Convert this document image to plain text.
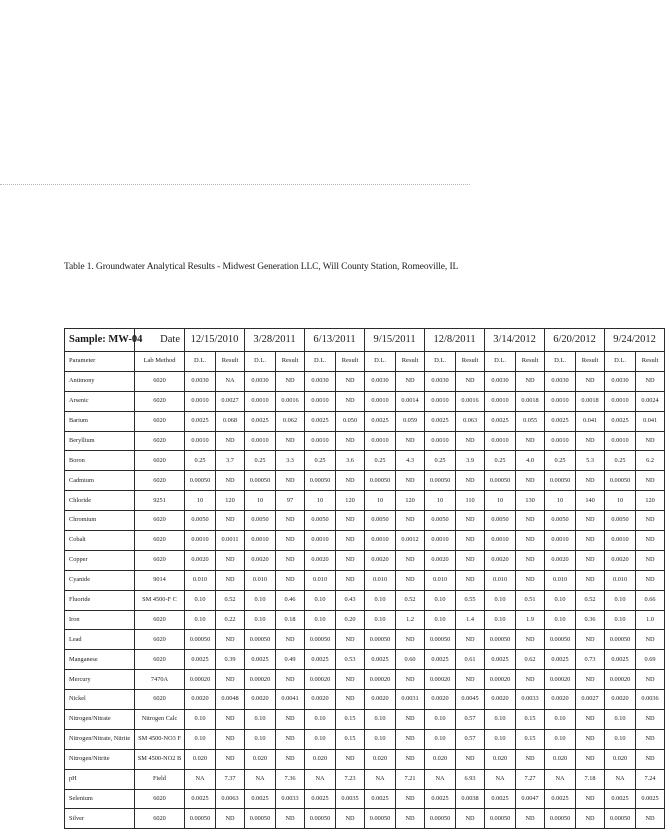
Table 1. Groundwater Analytical Results - Midwest Generation LLC, Will County Station, Romeoville, IL
Sample: MW-04	Date	12/15/2010		3/28/2011		6/13/2011		9/15/2011		12/8/2011		3/14/2012		6/20/2012		9/24/2012	
Parameter	Lab Method	D.L.	Result	D.L.	Result	D.L.	Result	D.L.	Result	D.L.	Result	D.L.	Result	D.L.	Result	D.L.	Result
Antimony	6020	0.0030	NA	0.0030	ND	0.0030	ND	0.0030	ND	0.0030	ND	0.0030	ND	0.0030	ND	0.0030	ND
Arsenic	6020	0.0010	0.0027	0.0010	0.0016	0.0010	ND	0.0010	0.0014	0.0010	0.0016	0.0010	0.0018	0.0010	0.0018	0.0010	0.0024
Barium	6020	0.0025	0.068	0.0025	0.062	0.0025	0.050	0.0025	0.059	0.0025	0.063	0.0025	0.055	0.0025	0.041	0.0025	0.041
Beryllium	6020	0.0010	ND	0.0010	ND	0.0010	ND	0.0010	ND	0.0010	ND	0.0010	ND	0.0010	ND	0.0010	ND
Boron	6020	0.25	3.7	0.25	3.3	0.25	3.6	0.25	4.3	0.25	3.9	0.25	4.0	0.25	5.3	0.25	6.2
Cadmium	6020	0.00050	ND	0.00050	ND	0.00050	ND	0.00050	ND	0.00050	ND	0.00050	ND	0.00050	ND	0.00050	ND
Chloride	9251	10	120	10	97	10	120	10	120	10	110	10	130	10	140	10	120
Chromium	6020	0.0050	ND	0.0050	ND	0.0050	ND	0.0050	ND	0.0050	ND	0.0050	ND	0.0050	ND	0.0050	ND
Cobalt	6020	0.0010	0.0011	0.0010	ND	0.0010	ND	0.0010	0.0012	0.0010	ND	0.0010	ND	0.0010	ND	0.0010	ND
Copper	6020	0.0020	ND	0.0020	ND	0.0020	ND	0.0020	ND	0.0020	ND	0.0020	ND	0.0020	ND	0.0020	ND
Cyanide	9014	0.010	ND	0.010	ND	0.010	ND	0.010	ND	0.010	ND	0.010	ND	0.010	ND	0.010	ND
Fluoride	SM 4500-F C	0.10	0.52	0.10	0.46	0.10	0.43	0.10	0.52	0.10	0.55	0.10	0.51	0.10	0.52	0.10	0.66
Iron	6020	0.10	0.22	0.10	0.18	0.10	0.20	0.10	1.2	0.10	1.4	0.10	1.9	0.10	0.36	0.10	1.0
Lead	6020	0.00050	ND	0.00050	ND	0.00050	ND	0.00050	ND	0.00050	ND	0.00050	ND	0.00050	ND	0.00050	ND
Manganese	6020	0.0025	0.39	0.0025	0.49	0.0025	0.53	0.0025	0.60	0.0025	0.61	0.0025	0.62	0.0025	0.73	0.0025	0.69
Mercury	7470A	0.00020	ND	0.00020	ND	0.00020	ND	0.00020	ND	0.00020	ND	0.00020	ND	0.00020	ND	0.00020	ND
Nickel	6020	0.0020	0.0048	0.0020	0.0041	0.0020	ND	0.0020	0.0031	0.0020	0.0045	0.0020	0.0033	0.0020	0.0027	0.0020	0.0036
Nitrogen/Nitrate	Nitrogen Calc	0.10	ND	0.10	ND	0.10	0.15	0.10	ND	0.10	0.57	0.10	0.15	0.10	ND	0.10	ND
Nitrogen/Nitrate, Nitrite	SM 4500-NO3 F	0.10	ND	0.10	ND	0.10	0.15	0.10	ND	0.10	0.57	0.10	0.15	0.10	ND	0.10	ND
Nitrogen/Nitrite	SM 4500-NO2 B	0.020	ND	0.020	ND	0.020	ND	0.020	ND	0.020	ND	0.020	ND	0.020	ND	0.020	ND
pH	Field	NA	7.37	NA	7.36	NA	7.23	NA	7.21	NA	6.93	NA	7.27	NA	7.18	NA	7.24
Selenium	6020	0.0025	0.0063	0.0025	0.0033	0.0025	0.0035	0.0025	ND	0.0025	0.0038	0.0025	0.0047	0.0025	ND	0.0025	0.0025
Silver	6020	0.00050	ND	0.00050	ND	0.00050	ND	0.00050	ND	0.00050	ND	0.00050	ND	0.00050	ND	0.00050	ND
